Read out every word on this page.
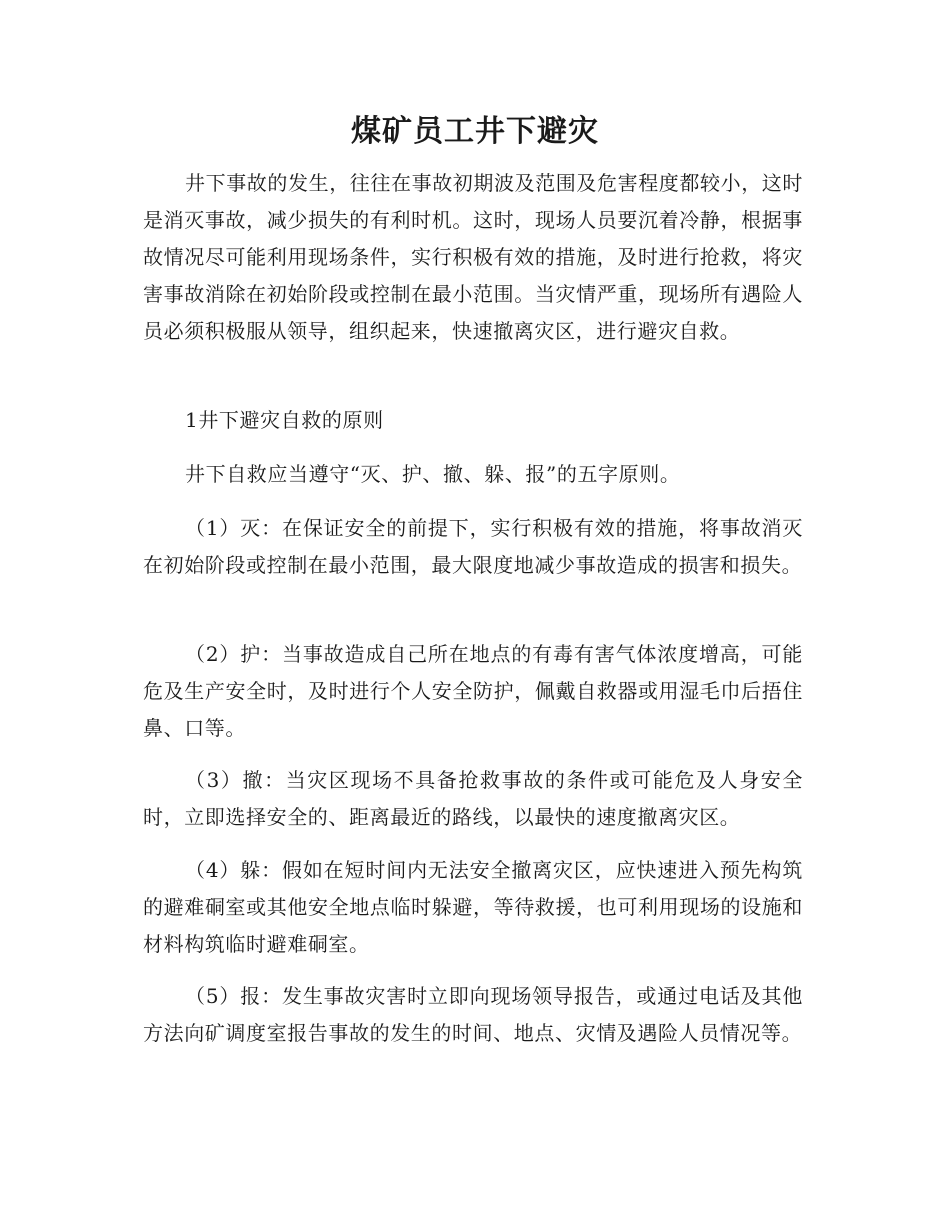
煤矿员工井下避灾

井下事故的发生，往往在事故初期波及范围及危害程度都较小，这时是消灭事故，减少损失的有利时机。这时，现场人员要沉着冷静，根据事故情况尽可能利用现场条件，实行积极有效的措施，及时进行抢救，将灾害事故消除在初始阶段或控制在最小范围。当灾情严重，现场所有遇险人员必须积极服从领导，组织起来，快速撤离灾区，进行避灾自救。

1井下避灾自救的原则

井下自救应当遵守“灭、护、撤、躲、报”的五字原则。

（1）灭：在保证安全的前提下，实行积极有效的措施，将事故消灭在初始阶段或控制在最小范围，最大限度地减少事故造成的损害和损失。

（2）护：当事故造成自己所在地点的有毒有害气体浓度增高，可能危及生产安全时，及时进行个人安全防护，佩戴自救器或用湿毛巾后捂住鼻、口等。

（3）撤：当灾区现场不具备抢救事故的条件或可能危及人身安全时，立即选择安全的、距离最近的路线，以最快的速度撤离灾区。

（4）躲：假如在短时间内无法安全撤离灾区，应快速进入预先构筑的避难硐室或其他安全地点临时躲避，等待救援，也可利用现场的设施和材料构筑临时避难硐室。

（5）报：发生事故灾害时立即向现场领导报告，或通过电话及其他方法向矿调度室报告事故的发生的时间、地点、灾情及遇险人员情况等。
